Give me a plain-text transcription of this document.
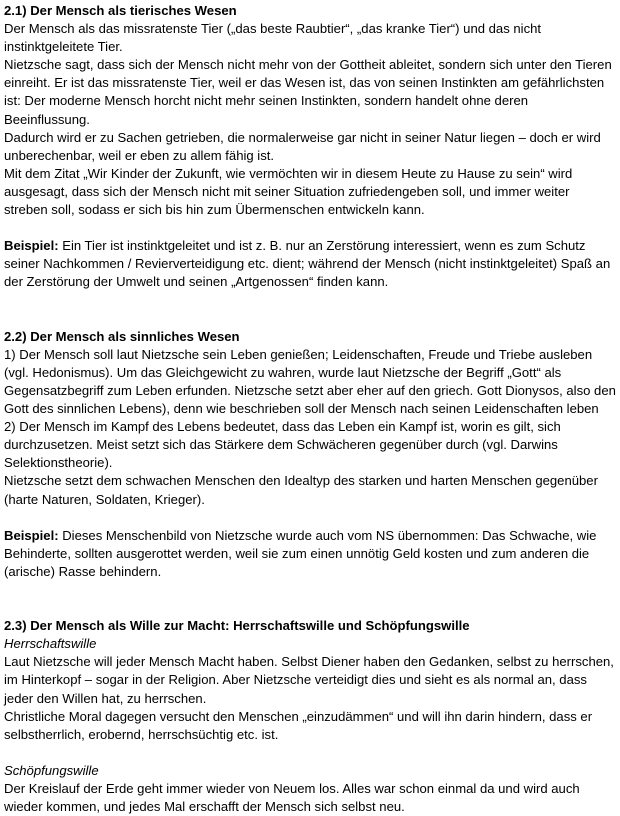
2.1) Der Mensch als tierisches Wesen
Der Mensch als das missratenste Tier („das beste Raubtier“, „das kranke Tier“) und das nicht instinktgeleitete Tier.
Nietzsche sagt, dass sich der Mensch nicht mehr von der Gottheit ableitet, sondern sich unter den Tieren einreiht. Er ist das missratenste Tier, weil er das Wesen ist, das von seinen Instinkten am gefährlichsten ist: Der moderne Mensch horcht nicht mehr seinen Instinkten, sondern handelt ohne deren Beeinflussung.
Dadurch wird er zu Sachen getrieben, die normalerweise gar nicht in seiner Natur liegen – doch er wird unberechenbar, weil er eben zu allem fähig ist.
Mit dem Zitat „Wir Kinder der Zukunft, wie vermöchten wir in diesem Heute zu Hause zu sein“ wird ausgesagt, dass sich der Mensch nicht mit seiner Situation zufriedengeben soll, und immer weiter streben soll, sodass er sich bis hin zum Übermenschen entwickeln kann.
Beispiel: Ein Tier ist instinktgeleitet und ist z. B. nur an Zerstörung interessiert, wenn es zum Schutz seiner Nachkommen / Revierverteidigung etc. dient; während der Mensch (nicht instinktgeleitet) Spaß an der Zerstörung der Umwelt und seinen „Artgenossen“ finden kann.
2.2) Der Mensch als sinnliches Wesen
1) Der Mensch soll laut Nietzsche sein Leben genießen; Leidenschaften, Freude und Triebe ausleben (vgl. Hedonismus). Um das Gleichgewicht zu wahren, wurde laut Nietzsche der Begriff „Gott“ als Gegensatzbegriff zum Leben erfunden. Nietzsche setzt aber eher auf den griech. Gott Dionysos, also den Gott des sinnlichen Lebens), denn wie beschrieben soll der Mensch nach seinen Leidenschaften leben
2) Der Mensch im Kampf des Lebens bedeutet, dass das Leben ein Kampf ist, worin es gilt, sich durchzusetzen. Meist setzt sich das Stärkere dem Schwächeren gegenüber durch (vgl. Darwins Selektionstheorie).
Nietzsche setzt dem schwachen Menschen den Idealtyp des starken und harten Menschen gegenüber (harte Naturen, Soldaten, Krieger).
Beispiel: Dieses Menschenbild von Nietzsche wurde auch vom NS übernommen: Das Schwache, wie Behinderte, sollten ausgerottet werden, weil sie zum einen unnötig Geld kosten und zum anderen die (arische) Rasse behindern.
2.3) Der Mensch als Wille zur Macht: Herrschaftswille und Schöpfungswille
Herrschaftswille
Laut Nietzsche will jeder Mensch Macht haben. Selbst Diener haben den Gedanken, selbst zu herrschen, im Hinterkopf – sogar in der Religion. Aber Nietzsche verteidigt dies und sieht es als normal an, dass jeder den Willen hat, zu herrschen.
Christliche Moral dagegen versucht den Menschen „einzudämmen“ und will ihn darin hindern, dass er selbstherrlich, erobernd, herrschsüchtig etc. ist.
Schöpfungswille
Der Kreislauf der Erde geht immer wieder von Neuem los. Alles war schon einmal da und wird auch wieder kommen, und jedes Mal erschafft der Mensch sich selbst neu.
